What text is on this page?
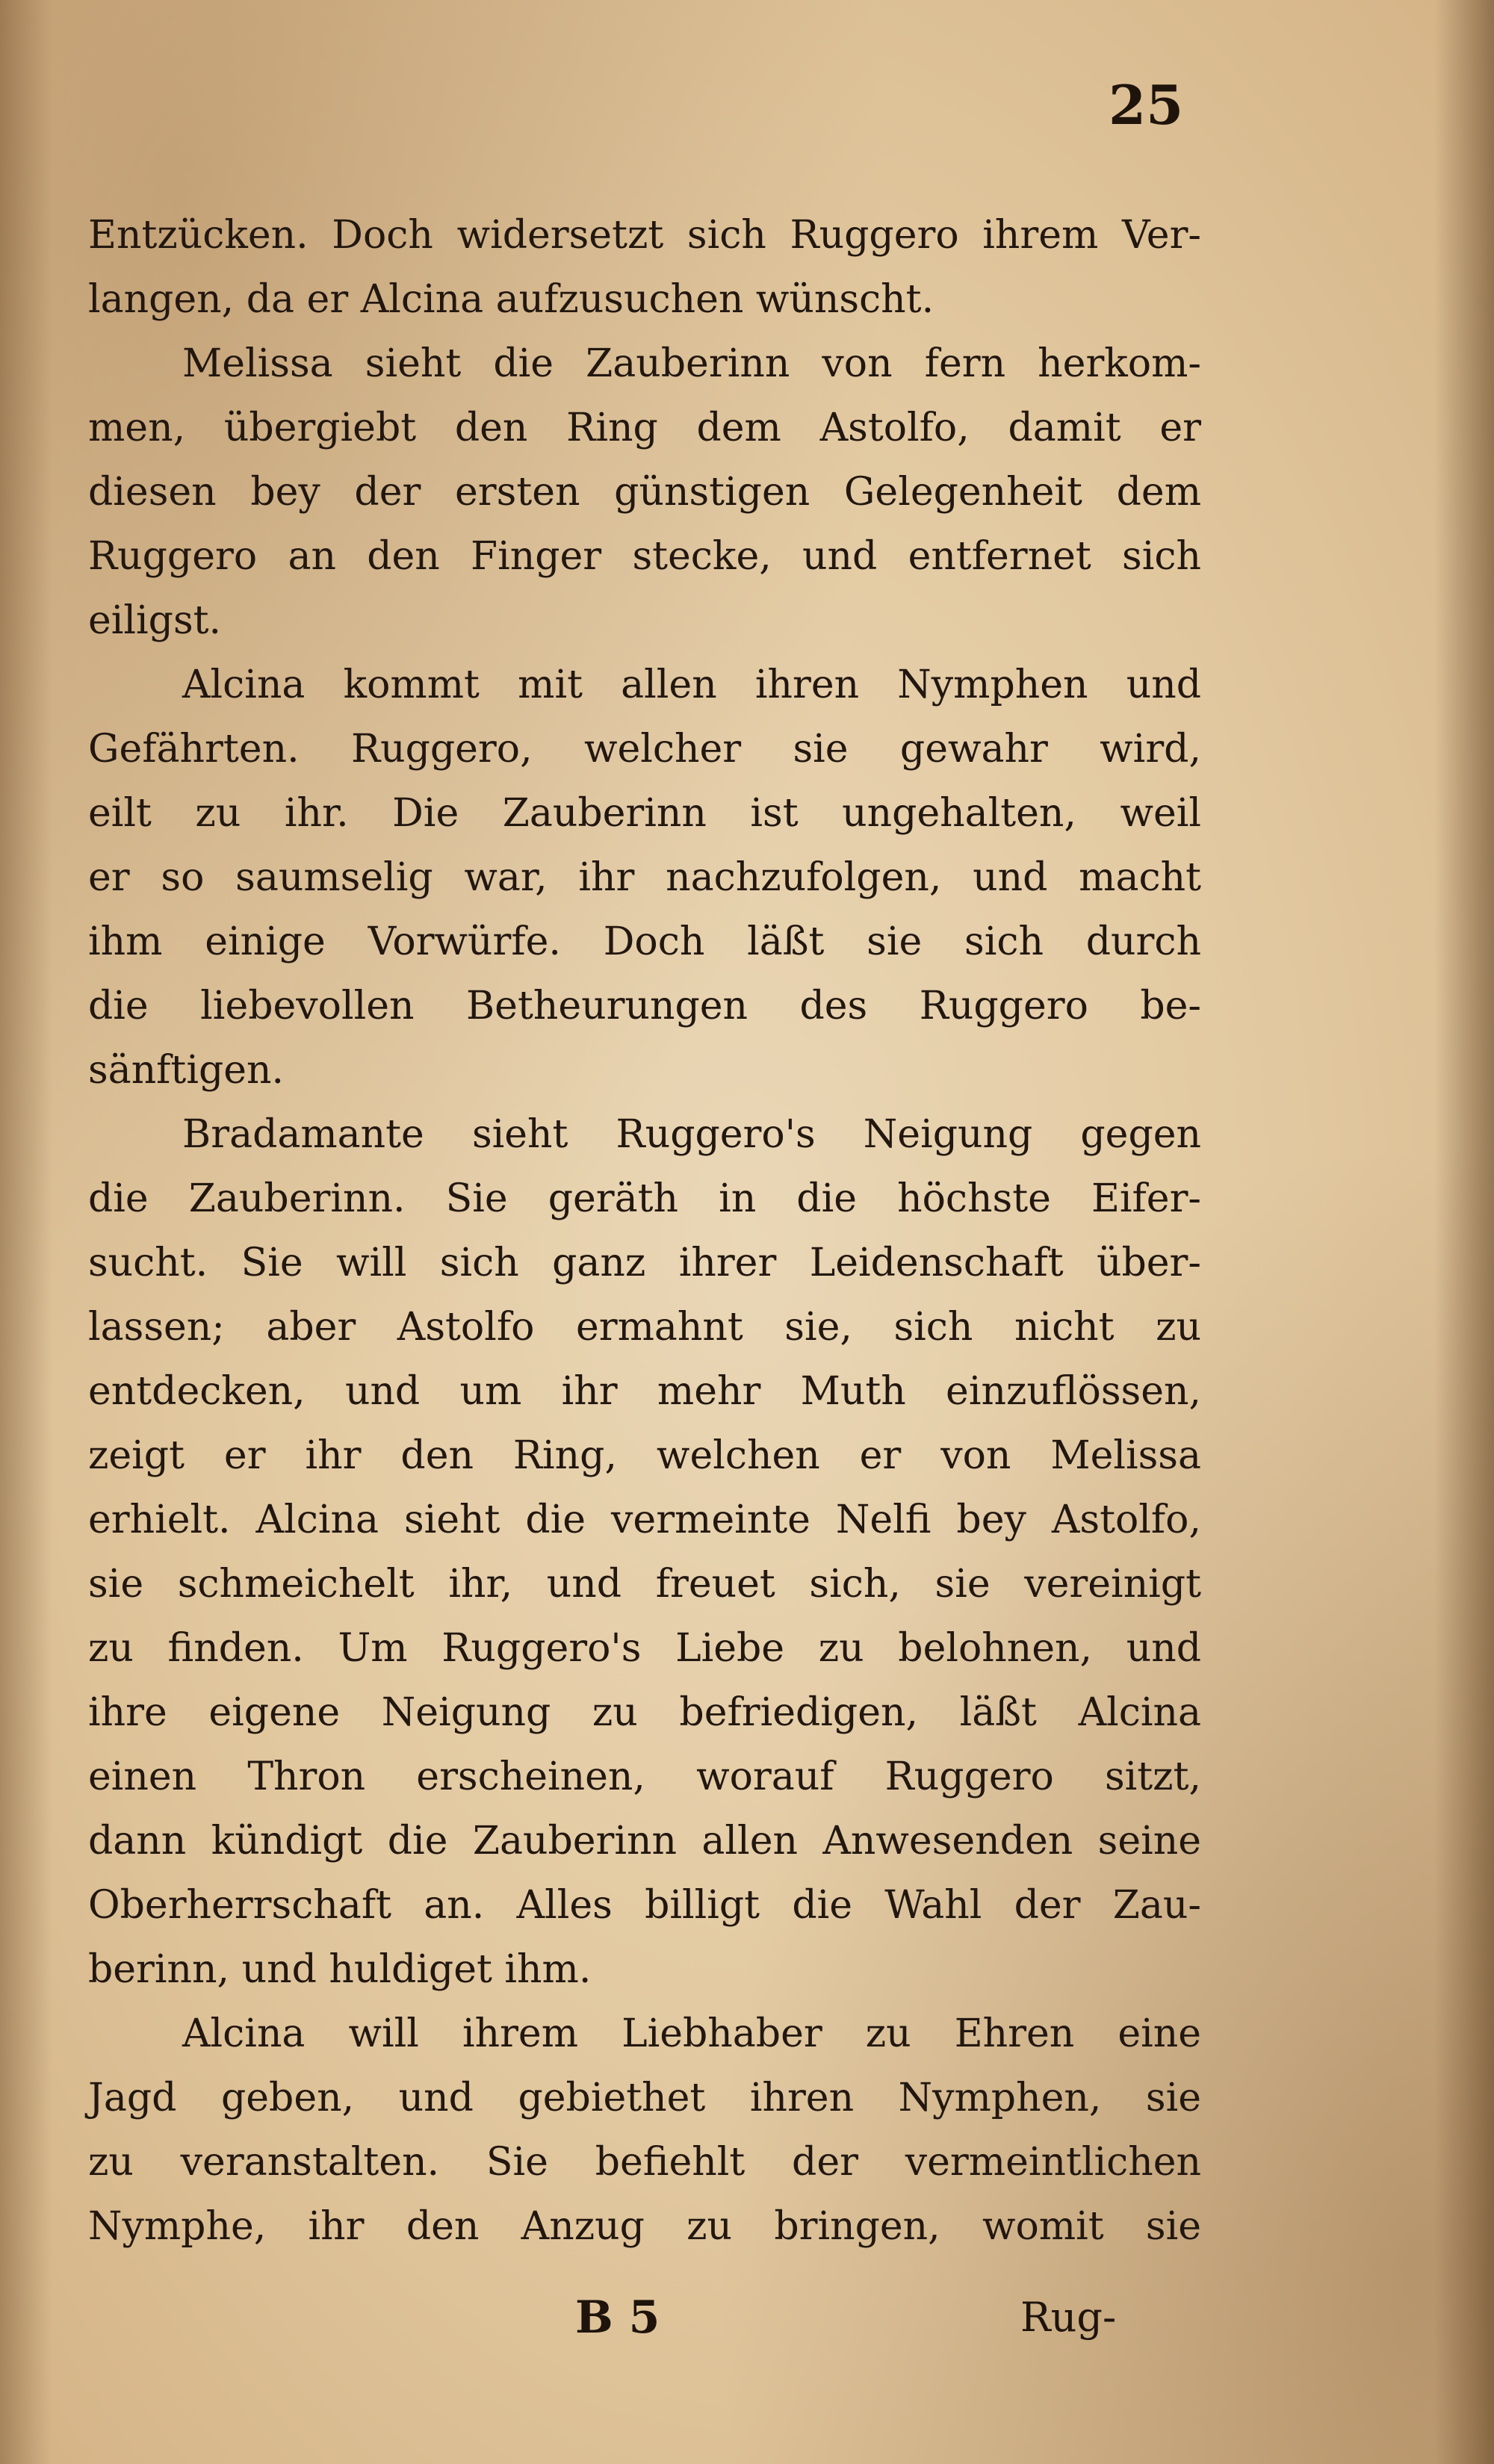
25
Entzücken. Doch widersetzt sich Ruggero ihrem Ver-
langen, da er Alcina aufzusuchen wünscht.
Melissa sieht die Zauberinn von fern herkom-
men, übergiebt den Ring dem Astolfo, damit er
diesen bey der ersten günstigen Gelegenheit dem
Ruggero an den Finger stecke, und entfernet sich
eiligst.
Alcina kommt mit allen ihren Nymphen und
Gefährten. Ruggero, welcher sie gewahr wird,
eilt zu ihr. Die Zauberinn ist ungehalten, weil
er so saumselig war, ihr nachzufolgen, und macht
ihm einige Vorwürfe. Doch läßt sie sich durch
die liebevollen Betheurungen des Ruggero be-
sänftigen.
Bradamante sieht Ruggero's Neigung gegen
die Zauberinn. Sie geräth in die höchste Eifer-
sucht. Sie will sich ganz ihrer Leidenschaft über-
lassen; aber Astolfo ermahnt sie, sich nicht zu
entdecken, und um ihr mehr Muth einzuflössen,
zeigt er ihr den Ring, welchen er von Melissa
erhielt. Alcina sieht die vermeinte Nelfi bey Astolfo,
sie schmeichelt ihr, und freuet sich, sie vereinigt
zu finden. Um Ruggero's Liebe zu belohnen, und
ihre eigene Neigung zu befriedigen, läßt Alcina
einen Thron erscheinen, worauf Ruggero sitzt,
dann kündigt die Zauberinn allen Anwesenden seine
Oberherrschaft an. Alles billigt die Wahl der Zau-
berinn, und huldiget ihm.
Alcina will ihrem Liebhaber zu Ehren eine
Jagd geben, und gebiethet ihren Nymphen, sie
zu veranstalten. Sie befiehlt der vermeintlichen
Nymphe, ihr den Anzug zu bringen, womit sie
B 5	Rug-
